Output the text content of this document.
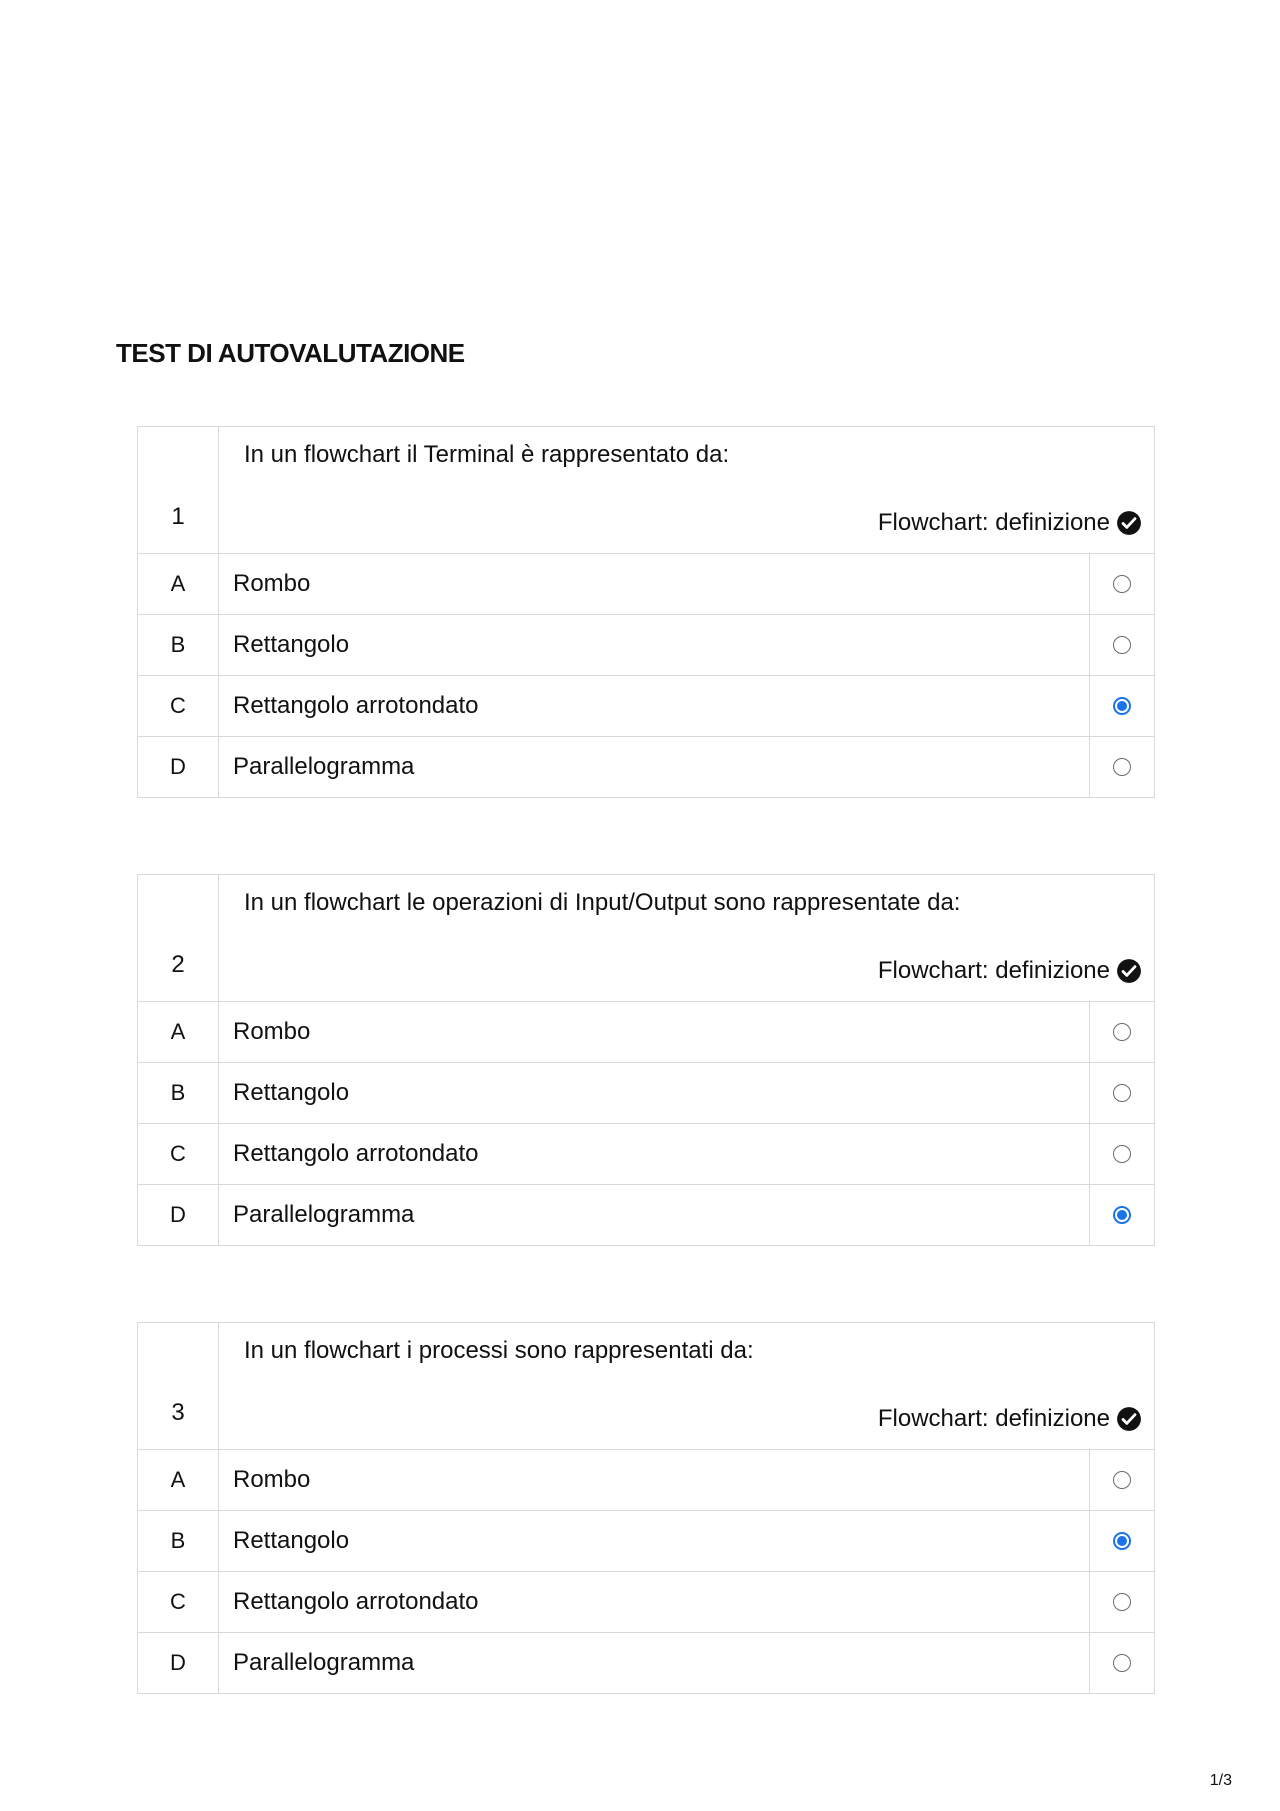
TEST DI AUTOVALUTAZIONE
1
In un flowchart il Terminal è rappresentato da:
Flowchart: definizione
A	Rombo
B	Rettangolo
C	Rettangolo arrotondato
D	Parallelogramma
2
In un flowchart le operazioni di Input/Output sono rappresentate da:
Flowchart: definizione
A	Rombo
B	Rettangolo
C	Rettangolo arrotondato
D	Parallelogramma
3
In un flowchart i processi sono rappresentati da:
Flowchart: definizione
A	Rombo
B	Rettangolo
C	Rettangolo arrotondato
D	Parallelogramma
1/3
